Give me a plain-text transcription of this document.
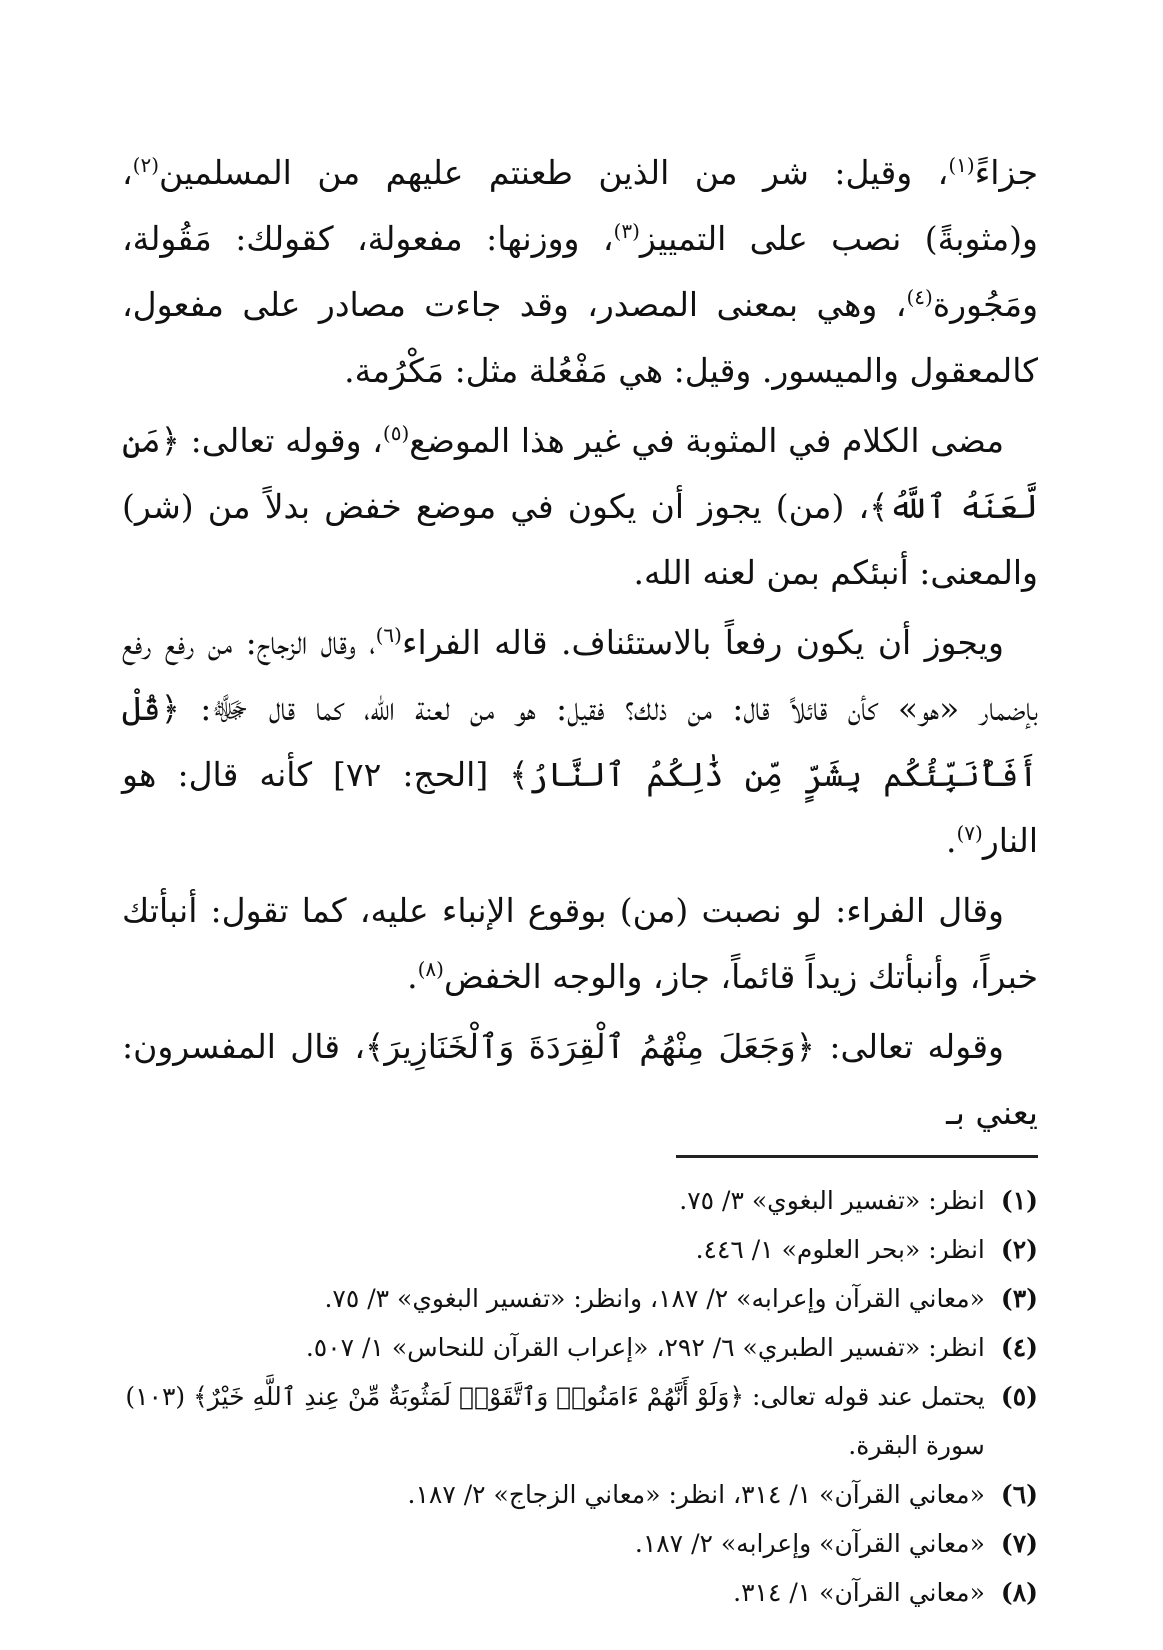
جزاءً$^{(١)}$، وقيل: شر من الذين طعنتم عليهم من المسلمين$^{(٢)}$، و(مثوبةً) نصب على التمييز$^{(٣)}$، ووزنها: مفعولة، كقولك: مَقُولة، ومَجُورة$^{(٤)}$، وهي بمعنى المصدر، وقد جاءت مصادر على مفعول، كالمعقول والميسور. وقيل: هي مَفْعُلة مثل: مَكْرُمة.

مضى الكلام في المثوبة في غير هذا الموضع$^{(٥)}$، وقوله تعالى: ﴿مَن لَّعَنَهُ ٱللَّهُ﴾، (من) يجوز أن يكون في موضع خفض بدلاً من (شر) والمعنى: أنبئكم بمن لعنه الله.

ويجوز أن يكون رفعاً بالاستئناف. قاله الفراء$^{(٦)}$، وقال الزجاج: من رفع رفع بإضمار «هو» كأن قائلاً قال: من ذلك؟ فقيل: هو من لعنة الله، كما قال ﷻ: ﴿قُلْ أَفَأُنَبِّئُكُم بِشَرٍّ مِّن ذَٰلِكُمُ ٱلنَّارُ﴾ [الحج: ٧٢] كأنه قال: هو النار$^{(٧)}$.

وقال الفراء: لو نصبت (من) بوقوع الإنباء عليه، كما تقول: أنبأتك خبراً، وأنبأتك زيداً قائماً، جاز، والوجه الخفض$^{(٨)}$.

وقوله تعالى: ﴿وَجَعَلَ مِنْهُمُ ٱلْقِرَدَةَ وَٱلْخَنَازِيرَ﴾، قال المفسرون: يعني بـ

(١)
انظر: «تفسير البغوي» ٣/ ٧٥.
(٢)
انظر: «بحر العلوم» ١/ ٤٤٦.
(٣)
«معاني القرآن وإعرابه» ٢/ ١٨٧، وانظر: «تفسير البغوي» ٣/ ٧٥.
(٤)
انظر: «تفسير الطبري» ٦/ ٢٩٢، «إعراب القرآن للنحاس» ١/ ٥٠٧.
(٥)
يحتمل عند قوله تعالى: ﴿وَلَوْ أَنَّهُمْ ءَامَنُوا۟ وَٱتَّقَوْا۟ لَمَثُوبَةٌ مِّنْ عِندِ ٱللَّهِ خَيْرٌ﴾ (١٠٣) سورة البقرة.
(٦)
«معاني القرآن» ١/ ٣١٤، انظر: «معاني الزجاج» ٢/ ١٨٧.
(٧)
«معاني القرآن» وإعرابه» ٢/ ١٨٧.
(٨)
«معاني القرآن» ١/ ٣١٤.
